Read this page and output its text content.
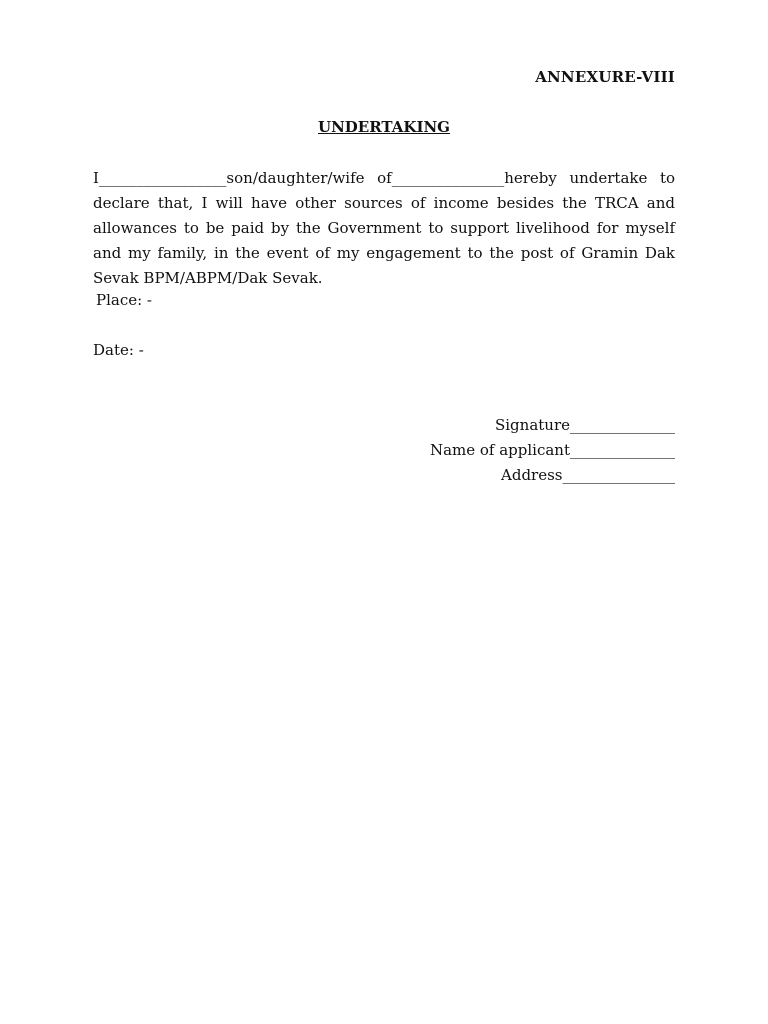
ANNEXURE-VIII
UNDERTAKING
I_________________son/daughter/wife of_______________hereby undertake to declare that, I will have other sources of income besides the TRCA and allowances to be paid by the Government to support livelihood for myself and my family, in the event of my engagement to the post of Gramin Dak Sevak BPM/ABPM/Dak Sevak.
Place: -
Date: -
Signature______________
Name of applicant______________
Address_______________
